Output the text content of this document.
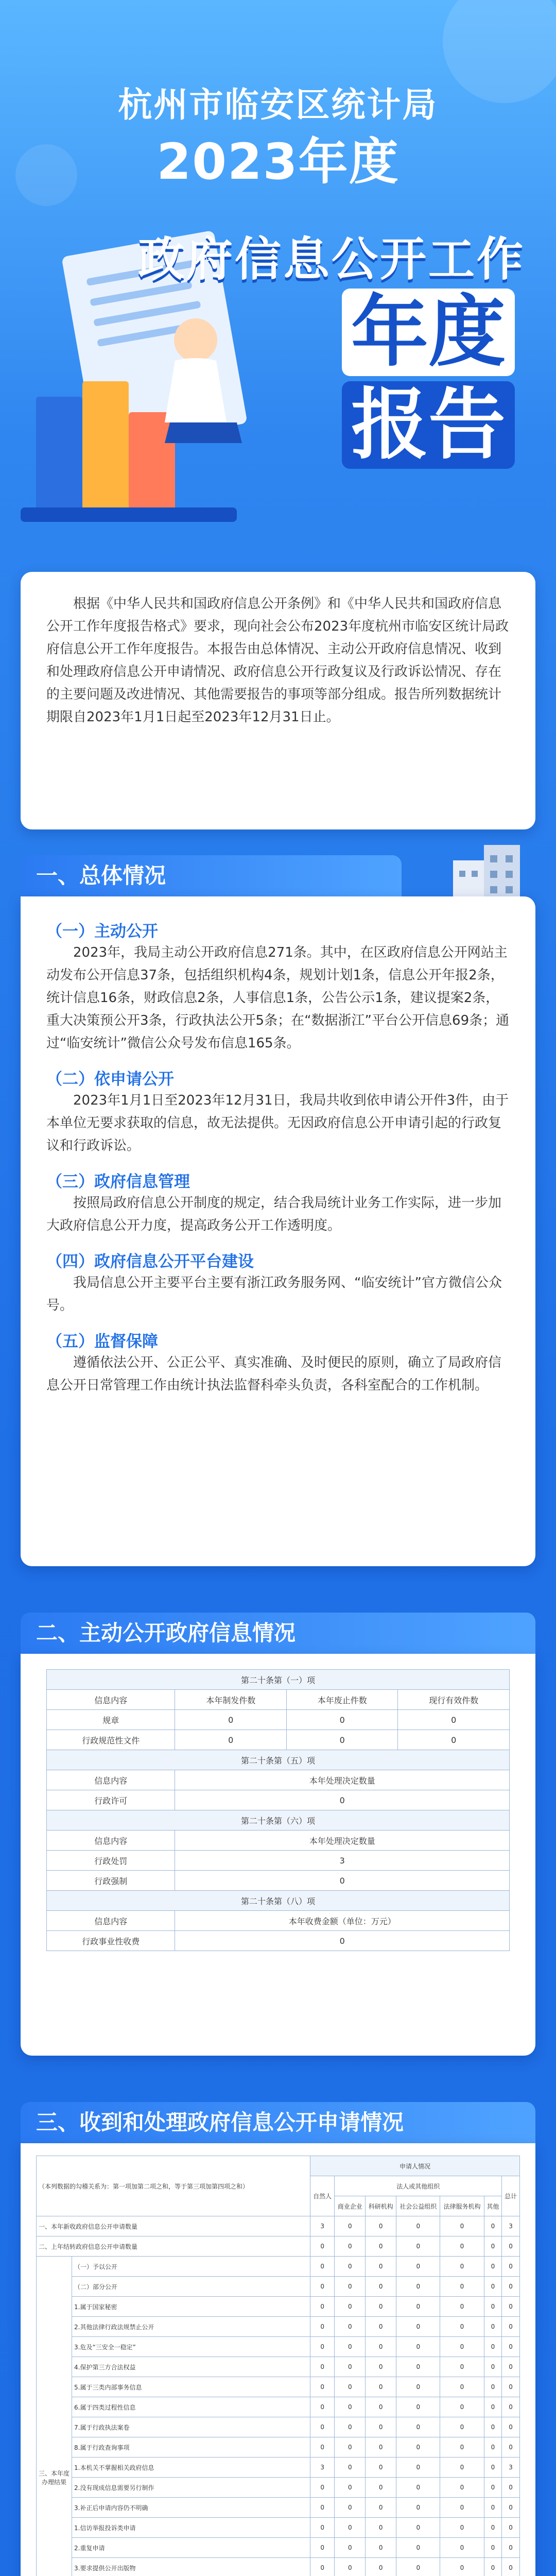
杭州市临安区统计局
2023年度
政府信息公开工作
年度
报告
根据《中华人民共和国政府信息公开条例》和《中华人民共和国政府信息公开工作年度报告格式》要求，现向社会公布2023年度杭州市临安区统计局政府信息公开工作年度报告。本报告由总体情况、主动公开政府信息情况、收到和处理政府信息公开申请情况、政府信息公开行政复议及行政诉讼情况、存在的主要问题及改进情况、其他需要报告的事项等部分组成。报告所列数据统计期限自2023年1月1日起至2023年12月31日止。
一、总体情况
（一）主动公开
2023年，我局主动公开政府信息271条。其中，在区政府信息公开网站主动发布公开信息37条，包括组织机构4条，规划计划1条，信息公开年报2条，统计信息16条，财政信息2条，人事信息1条，公告公示1条，建议提案2条，重大决策预公开3条，行政执法公开5条；在“数据浙江”平台公开信息69条；通过“临安统计”微信公众号发布信息165条。
（二）依申请公开
2023年1月1日至2023年12月31日，我局共收到依申请公开件3件，由于本单位无要求获取的信息，故无法提供。无因政府信息公开申请引起的行政复议和行政诉讼。
（三）政府信息管理
按照局政府信息公开制度的规定，结合我局统计业务工作实际，进一步加大政府信息公开力度，提高政务公开工作透明度。
（四）政府信息公开平台建设
我局信息公开主要平台主要有浙江政务服务网、“临安统计”官方微信公众号。
（五）监督保障
遵循依法公开、公正公平、真实准确、及时便民的原则，确立了局政府信息公开日常管理工作由统计执法监督科牵头负责，各科室配合的工作机制。
二、主动公开政府信息情况
第二十条第（一）项			
信息内容	本年制发件数	本年废止件数	现行有效件数
规章	0	0	0
行政规范性文件	0	0	0
第二十条第（五）项			
信息内容	本年处理决定数量		
行政许可	0		
第二十条第（六）项			
信息内容	本年处理决定数量		
行政处罚	3		
行政强制	0		
第二十条第（八）项			
信息内容	本年收费金额（单位：万元）		
行政事业性收费	0		
三、收到和处理政府信息公开申请情况
（本列数据的勾稽关系为：第一项加第二项之和，等于第三项加第四项之和）		申请人情况						
		自然人	法人或其他组织					总计
			商业企业	科研机构	社会公益组织	法律服务机构	其他	
一、本年新收政府信息公开申请数量		3	0	0	0	0	0	3
二、上年结转政府信息公开申请数量		0	0	0	0	0	0	0
三、本年度办理结果	（一）予以公开	0	0	0	0	0	0	0
	（二）部分公开	0	0	0	0	0	0	0
	1.属于国家秘密	0	0	0	0	0	0	0
	2.其他法律行政法规禁止公开	0	0	0	0	0	0	0
	3.危及“三安全一稳定”	0	0	0	0	0	0	0
	4.保护第三方合法权益	0	0	0	0	0	0	0
	5.属于三类内部事务信息	0	0	0	0	0	0	0
	6.属于四类过程性信息	0	0	0	0	0	0	0
	7.属于行政执法案卷	0	0	0	0	0	0	0
	8.属于行政查询事项	0	0	0	0	0	0	0
	1.本机关不掌握相关政府信息	3	0	0	0	0	0	3
	2.没有现成信息需要另行制作	0	0	0	0	0	0	0
	3.补正后申请内容仍不明确	0	0	0	0	0	0	0
	1.信访举报投诉类申请	0	0	0	0	0	0	0
	2.重复申请	0	0	0	0	0	0	0
	3.要求提供公开出版物	0	0	0	0	0	0	0
